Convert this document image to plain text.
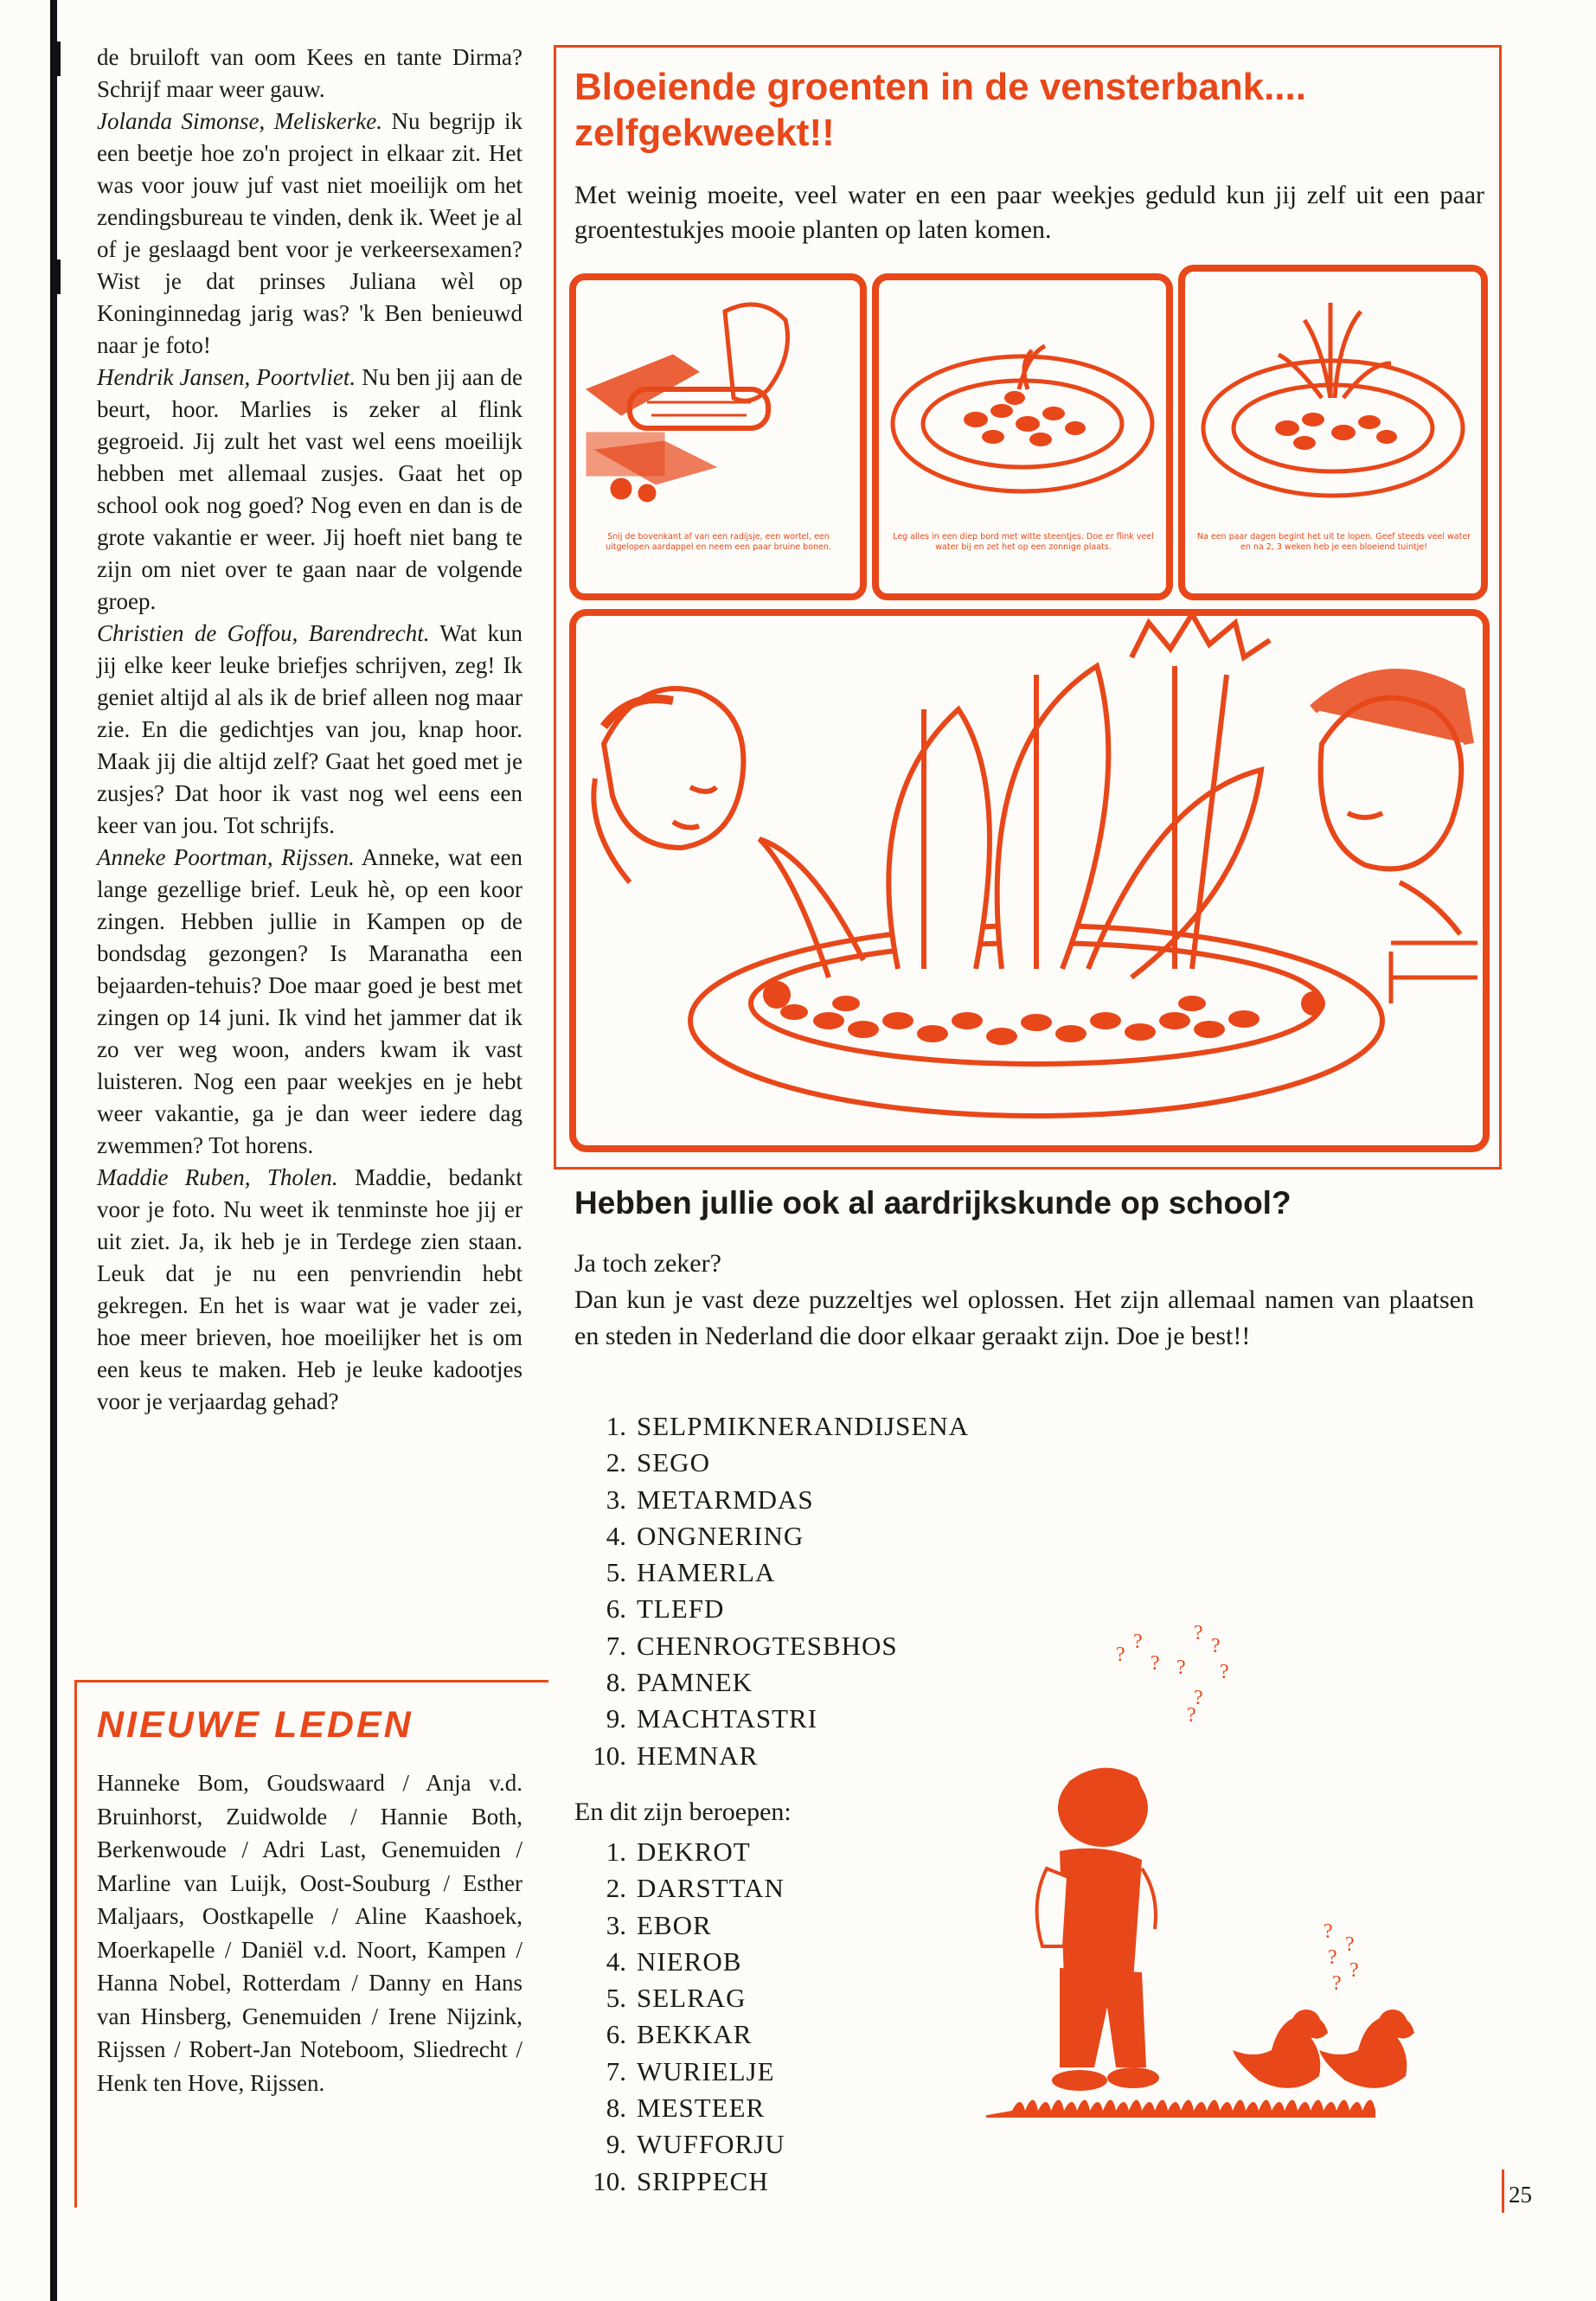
de bruiloft van oom Kees en tante Dirma? Schrijf maar weer gauw.

Jolanda Simonse, Meliskerke. Nu begrijp ik een beetje hoe zo'n project in elkaar zit. Het was voor jouw juf vast niet moeilijk om het zendingsbureau te vinden, denk ik. Weet je al of je geslaagd bent voor je verkeersexamen? Wist je dat prinses Juliana wèl op Koninginnedag jarig was? 'k Ben benieuwd naar je foto!

Hendrik Jansen, Poortvliet. Nu ben jij aan de beurt, hoor. Marlies is zeker al flink gegroeid. Jij zult het vast wel eens moeilijk hebben met allemaal zusjes. Gaat het op school ook nog goed? Nog even en dan is de grote vakantie er weer. Jij hoeft niet bang te zijn om niet over te gaan naar de volgende groep.

Christien de Goffou, Barendrecht. Wat kun jij elke keer leuke briefjes schrijven, zeg! Ik geniet altijd al als ik de brief alleen nog maar zie. En die gedichtjes van jou, knap hoor. Maak jij die altijd zelf? Gaat het goed met je zusjes? Dat hoor ik vast nog wel eens een keer van jou. Tot schrijfs.

Anneke Poortman, Rijssen. Anneke, wat een lange gezellige brief. Leuk hè, op een koor zingen. Hebben jullie in Kampen op de bondsdag gezongen? Is Maranatha een bejaarden-tehuis? Doe maar goed je best met zingen op 14 juni. Ik vind het jammer dat ik zo ver weg woon, anders kwam ik vast luisteren. Nog een paar weekjes en je hebt weer vakantie, ga je dan weer iedere dag zwemmen? Tot horens.

Maddie Ruben, Tholen. Maddie, bedankt voor je foto. Nu weet ik tenminste hoe jij er uit ziet. Ja, ik heb je in Terdege zien staan. Leuk dat je nu een penvriendin hebt gekregen. En het is waar wat je vader zei, hoe meer brieven, hoe moeilijker het is om een keus te maken. Heb je leuke kadootjes voor je verjaardag gehad?

NIEUWE LEDEN
Hanneke Bom, Goudswaard / Anja v.d. Bruinhorst, Zuidwolde / Hannie Both, Berkenwoude / Adri Last, Genemuiden / Marline van Luijk, Oost-Souburg / Esther Maljaars, Oostkapelle / Aline Kaashoek, Moerkapelle / Daniël v.d. Noort, Kampen / Hanna Nobel, Rotterdam / Danny en Hans van Hinsberg, Genemuiden / Irene Nijzink, Rijssen / Robert-Jan Noteboom, Sliedrecht / Henk ten Hove, Rijssen.
Bloeiende groenten in de vensterbank.... zelfgekweekt!!
Met weinig moeite, veel water en een paar weekjes geduld kun jij zelf uit een paar groentestukjes mooie planten op laten komen.
Snij de bovenkant af van een radijsje, een wortel, een uitgelopen aardappel en neem een paar bruine bonen.
Leg alles in een diep bord met witte steentjes. Doe er flink veel water bij en zet het op een zonnige plaats.
Na een paar dagen begint het uit te lopen. Geef steeds veel water en na 2, 3 weken heb je een bloeiend tuintje!
Hebben jullie ook al aardrijkskunde op school?

Ja toch zeker?

Dan kun je vast deze puzzeltjes wel oplossen. Het zijn allemaal namen van plaatsen en steden in Nederland die door elkaar geraakt zijn. Doe je best!!

1. SELPMIKNERANDIJSENA
2. SEGO
3. METARMDAS
4. ONGNERING
5. HAMERLA
6. TLEFD
7. CHENROGTESBHOS
8. PAMNEK
9. MACHTASTRI
10. HEMNAR
En dit zijn beroepen:
1. DEKROT
2. DARSTTAN
3. EBOR
4. NIEROB
5. SELRAG
6. BEKKAR
7. WURIELJE
8. MESTEER
9. WUFFORJU
10. SRIPPECH
?
?
?
?
?
? ?
?
?
?
?
?
?
?
25
